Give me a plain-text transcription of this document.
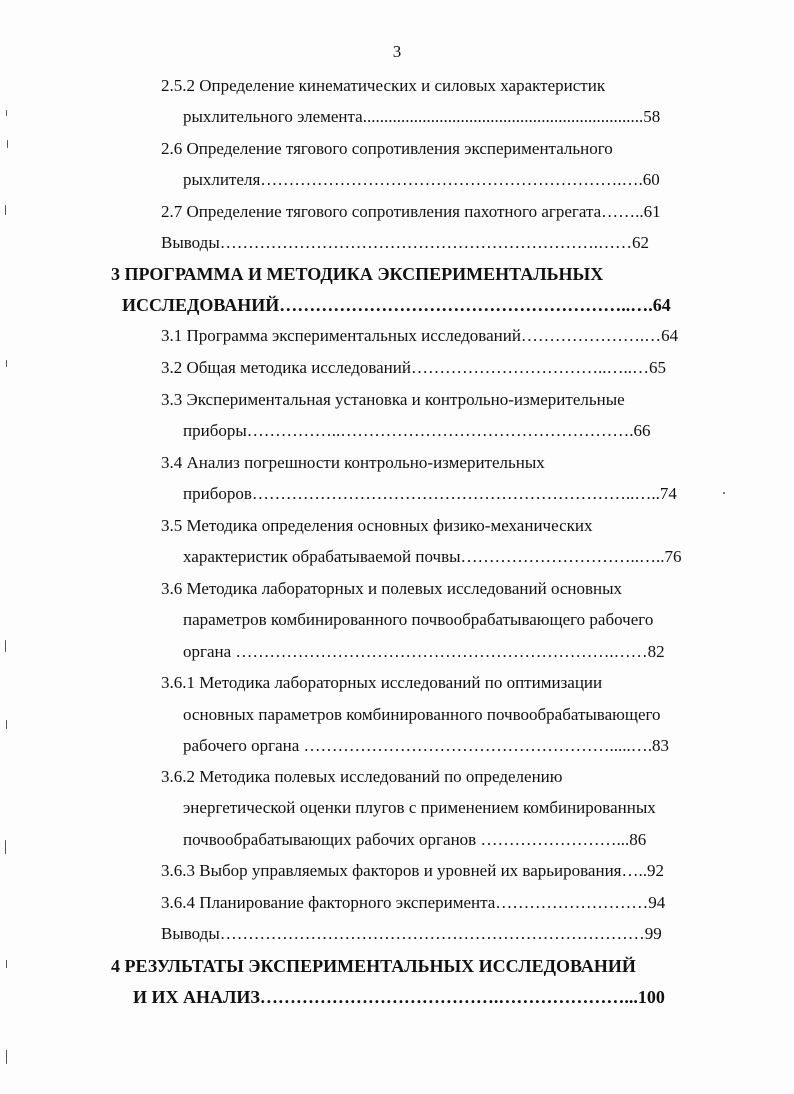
3
2.5.2 Определение кинематических и силовых характеристик
рыхлительного элемента..................................................................58
2.6 Определение тягового сопротивления экспериментального
рыхлителя……………………………………………………….….60
2.7 Определение тягового сопротивления пахотного агрегата……..61
Выводы………………………………………………………….……62
3 ПРОГРАММА И МЕТОДИКА ЭКСПЕРИМЕНТАЛЬНЫХ
ИССЛЕДОВАНИЙ…………………………………………………..….64
3.1 Программа экспериментальных исследований………………….…64
3.2 Общая методика исследований……………………………..…..…65
3.3 Экспериментальная установка и контрольно-измерительные
приборы……………..…………………………………………….66
3.4 Анализ погрешности контрольно-измерительных
приборов…………………………………………………………..…..74
3.5 Методика определения основных физико-механических
характеристик обрабатываемой почвы…………………………..…..76
3.6 Методика лабораторных и полевых исследований основных
параметров комбинированного почвообрабатывающего рабочего
органа ………………………………………………………….……82
3.6.1 Методика лабораторных исследований по оптимизации
основных параметров комбинированного почвообрабатывающего
рабочего органа ……………………………………………….....….83
3.6.2 Методика полевых исследований по определению
энергетической оценки плугов с применением комбинированных
почвообрабатывающих рабочих органов ……………………...86
3.6.3 Выбор управляемых факторов и уровней их варьирования…..92
3.6.4 Планирование факторного эксперимента………………………94
Выводы…………………………………………………………………99
4 РЕЗУЛЬТАТЫ ЭКСПЕРИМЕНТАЛЬНЫХ ИССЛЕДОВАНИЙ
И ИХ АНАЛИЗ………………………………….…………………...100
